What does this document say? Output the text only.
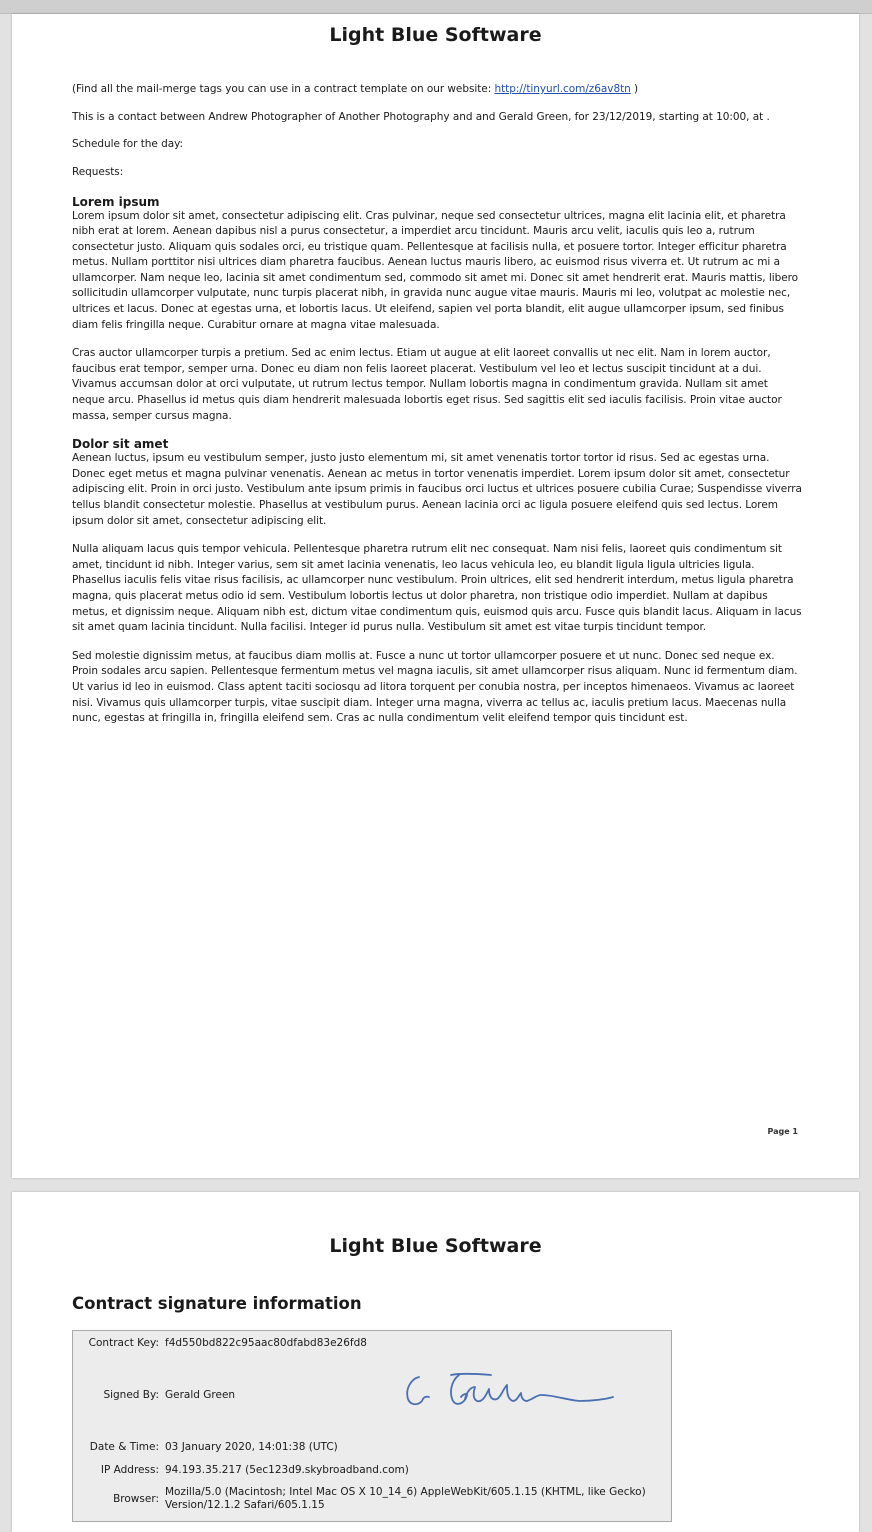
Light Blue Software

(Find all the mail-merge tags you can use in a contract template on our website: http://tinyurl.com/z6av8tn )

This is a contact between Andrew Photographer of Another Photography and and Gerald Green, for 23/12/2019, starting at 10:00, at .

Schedule for the day:

Requests:

Lorem ipsum

Lorem ipsum dolor sit amet, consectetur adipiscing elit. Cras pulvinar, neque sed consectetur ultrices, magna elit lacinia elit, et pharetra nibh erat at lorem. Aenean dapibus nisl a purus consectetur, a imperdiet arcu tincidunt. Mauris arcu velit, iaculis quis leo a, rutrum consectetur justo. Aliquam quis sodales orci, eu tristique quam. Pellentesque at facilisis nulla, et posuere tortor. Integer efficitur pharetra metus. Nullam porttitor nisi ultrices diam pharetra faucibus. Aenean luctus mauris libero, ac euismod risus viverra et. Ut rutrum ac mi a ullamcorper. Nam neque leo, lacinia sit amet condimentum sed, commodo sit amet mi. Donec sit amet hendrerit erat. Mauris mattis, libero sollicitudin ullamcorper vulputate, nunc turpis placerat nibh, in gravida nunc augue vitae mauris. Mauris mi leo, volutpat ac molestie nec, ultrices et lacus. Donec at egestas urna, et lobortis lacus. Ut eleifend, sapien vel porta blandit, elit augue ullamcorper ipsum, sed finibus diam felis fringilla neque. Curabitur ornare at magna vitae malesuada.

Cras auctor ullamcorper turpis a pretium. Sed ac enim lectus. Etiam ut augue at elit laoreet convallis ut nec elit. Nam in lorem auctor, faucibus erat tempor, semper urna. Donec eu diam non felis laoreet placerat. Vestibulum vel leo et lectus suscipit tincidunt at a dui. Vivamus accumsan dolor at orci vulputate, ut rutrum lectus tempor. Nullam lobortis magna in condimentum gravida. Nullam sit amet neque arcu. Phasellus id metus quis diam hendrerit malesuada lobortis eget risus. Sed sagittis elit sed iaculis facilisis. Proin vitae auctor massa, semper cursus magna.

Dolor sit amet

Aenean luctus, ipsum eu vestibulum semper, justo justo elementum mi, sit amet venenatis tortor tortor id risus. Sed ac egestas urna. Donec eget metus et magna pulvinar venenatis. Aenean ac metus in tortor venenatis imperdiet. Lorem ipsum dolor sit amet, consectetur adipiscing elit. Proin in orci justo. Vestibulum ante ipsum primis in faucibus orci luctus et ultrices posuere cubilia Curae; Suspendisse viverra tellus blandit consectetur molestie. Phasellus at vestibulum purus. Aenean lacinia orci ac ligula posuere eleifend quis sed lectus. Lorem ipsum dolor sit amet, consectetur adipiscing elit.

Nulla aliquam lacus quis tempor vehicula. Pellentesque pharetra rutrum elit nec consequat. Nam nisi felis, laoreet quis condimentum sit amet, tincidunt id nibh. Integer varius, sem sit amet lacinia venenatis, leo lacus vehicula leo, eu blandit ligula ligula ultricies ligula. Phasellus iaculis felis vitae risus facilisis, ac ullamcorper nunc vestibulum. Proin ultrices, elit sed hendrerit interdum, metus ligula pharetra magna, quis placerat metus odio id sem. Vestibulum lobortis lectus ut dolor pharetra, non tristique odio imperdiet. Nullam at dapibus metus, et dignissim neque. Aliquam nibh est, dictum vitae condimentum quis, euismod quis arcu. Fusce quis blandit lacus. Aliquam in lacus sit amet quam lacinia tincidunt. Nulla facilisi. Integer id purus nulla. Vestibulum sit amet est vitae turpis tincidunt tempor.

Sed molestie dignissim metus, at faucibus diam mollis at. Fusce a nunc ut tortor ullamcorper posuere et ut nunc. Donec sed neque ex. Proin sodales arcu sapien. Pellentesque fermentum metus vel magna iaculis, sit amet ullamcorper risus aliquam. Nunc id fermentum diam. Ut varius id leo in euismod. Class aptent taciti sociosqu ad litora torquent per conubia nostra, per inceptos himenaeos. Vivamus ac laoreet nisi. Vivamus quis ullamcorper turpis, vitae suscipit diam. Integer urna magna, viverra ac tellus ac, iaculis pretium lacus. Maecenas nulla nunc, egestas at fringilla in, fringilla eleifend sem. Cras ac nulla condimentum velit eleifend tempor quis tincidunt est.

Page 1
Light Blue Software
Contract signature information
Contract Key: f4d550bd822c95aac80dfabd83e26fd8
Signed By: Gerald Green
Date & Time: 03 January 2020, 14:01:38 (UTC)
IP Address: 94.193.35.217 (5ec123d9.skybroadband.com)
Browser:
Mozilla/5.0 (Macintosh; Intel Mac OS X 10_14_6) AppleWebKit/605.1.15 (KHTML, like Gecko) Version/12.1.2 Safari/605.1.15
